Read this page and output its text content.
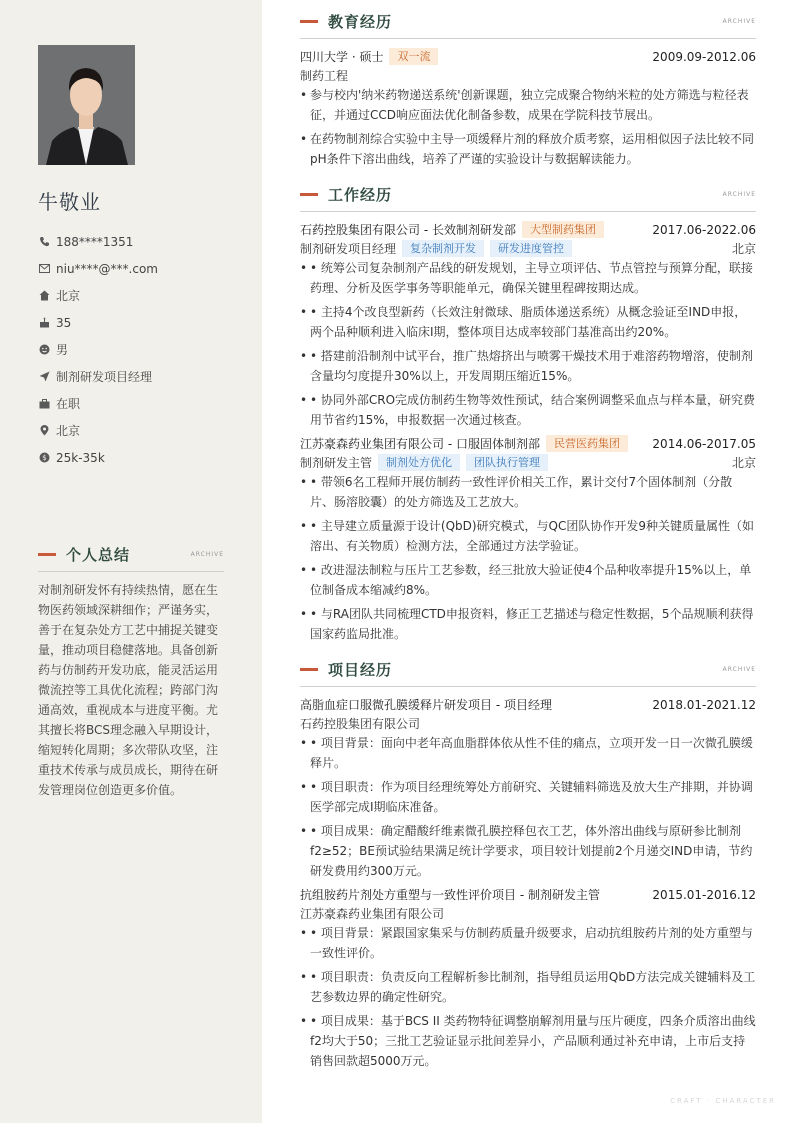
牛敬业
188****1351
niu****@***.com
北京
35
男
制剂研发项目经理
在职
北京
$ 25k-35k
个人总结	ARCHIVE
对制剂研发怀有持续热情，愿在生物医药领域深耕细作；严谨务实，善于在复杂处方工艺中捕捉关键变量，推动项目稳健落地。具备创新药与仿制药开发功底，能灵活运用微流控等工具优化流程；跨部门沟通高效，重视成本与进度平衡。尤其擅长将BCS理念融入早期设计，缩短转化周期；多次带队攻坚，注重技术传承与成员成长，期待在研发管理岗位创造更多价值。
教育经历	ARCHIVE
四川大学 · 硕士	双一流	2009.09-2012.06
制药工程
• 参与校内'纳米药物递送系统'创新课题，独立完成聚合物纳米粒的处方筛选与粒径表征，并通过CCD响应面法优化制备参数，成果在学院科技节展出。
• 在药物制剂综合实验中主导一项缓释片剂的释放介质考察，运用相似因子法比较不同pH条件下溶出曲线，培养了严谨的实验设计与数据解读能力。
工作经历	ARCHIVE
石药控股集团有限公司 - 长效制剂研发部	大型制药集团	2017.06-2022.06
制剂研发项目经理	复杂制剂开发	研发进度管控	北京
• • 统筹公司复杂制剂产品线的研发规划，主导立项评估、节点管控与预算分配，联接药理、分析及医学事务等职能单元，确保关键里程碑按期达成。
• • 主持4个改良型新药（长效注射微球、脂质体递送系统）从概念验证至IND申报，两个品种顺利进入临床I期，整体项目达成率较部门基准高出约20%。
• • 搭建前沿制剂中试平台，推广热熔挤出与喷雾干燥技术用于难溶药物增溶，使制剂含量均匀度提升30%以上，开发周期压缩近15%。
• • 协同外部CRO完成仿制药生物等效性预试，结合案例调整采血点与样本量，研究费用节省约15%，申报数据一次通过核查。
江苏豪森药业集团有限公司 - 口服固体制剂部	民营医药集团	2014.06-2017.05
制剂研发主管	制剂处方优化	团队执行管理	北京
• • 带领6名工程师开展仿制药一致性评价相关工作，累计交付7个固体制剂（分散片、肠溶胶囊）的处方筛选及工艺放大。
• • 主导建立质量源于设计(QbD)研究模式，与QC团队协作开发9种关键质量属性（如溶出、有关物质）检测方法，全部通过方法学验证。
• • 改进湿法制粒与压片工艺参数，经三批放大验证使4个品种收率提升15%以上，单位制备成本缩减约8%。
• • 与RA团队共同梳理CTD申报资料，修正工艺描述与稳定性数据，5个品规顺利获得国家药监局批准。
项目经历	ARCHIVE
高脂血症口服微孔膜缓释片研发项目 - 项目经理	2018.01-2021.12
石药控股集团有限公司
• • 项目背景：面向中老年高血脂群体依从性不佳的痛点，立项开发一日一次微孔膜缓释片。
• • 项目职责：作为项目经理统筹处方前研究、关键辅料筛选及放大生产排期，并协调医学部完成I期临床准备。
• • 项目成果：确定醋酸纤维素微孔膜控释包衣工艺，体外溶出曲线与原研参比制剂f2≥52；BE预试验结果满足统计学要求，项目较计划提前2个月递交IND申请，节约研发费用约300万元。
抗组胺药片剂处方重塑与一致性评价项目 - 制剂研发主管	2015.01-2016.12
江苏豪森药业集团有限公司
• • 项目背景：紧跟国家集采与仿制药质量升级要求，启动抗组胺药片剂的处方重塑与一致性评价。
• • 项目职责：负责反向工程解析参比制剂，指导组员运用QbD方法完成关键辅料及工艺参数边界的确定性研究。
• • 项目成果：基于BCS II 类药物特征调整崩解剂用量与压片硬度，四条介质溶出曲线f2均大于50；三批工艺验证显示批间差异小，产品顺利通过补充申请，上市后支持销售回款超5000万元。
CRAFT · CHARACTER
